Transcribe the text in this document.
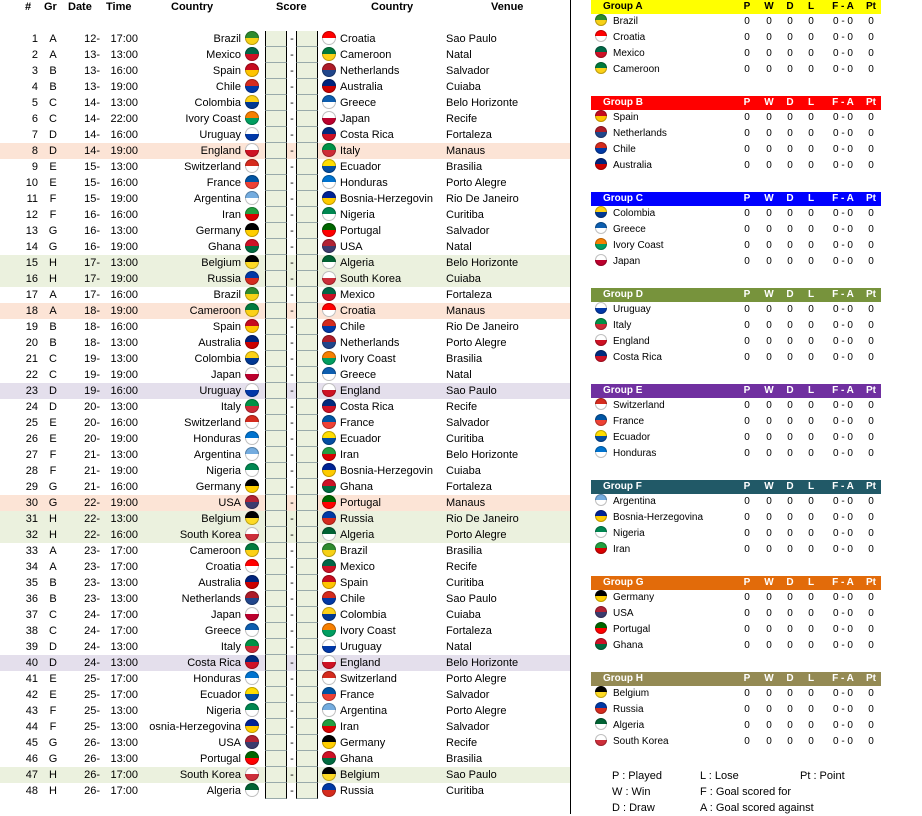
# Gr Date Time	Country	Score	Country	Venue
1	A	12- 17:00	Brazil	-	Croatia	Sao Paulo
2	A	13- 13:00	Mexico	-	Cameroon	Natal
3	B	13- 16:00	Spain	-	Netherlands	Salvador
4	B	13- 19:00	Chile	-	Australia	Cuiaba
5	C	14- 13:00	Colombia	-	Greece	Belo Horizonte
6	C	14- 22:00	Ivory Coast	-	Japan	Recife
7	D	14- 16:00	Uruguay	-	Costa Rica	Fortaleza
8	D	14- 19:00	England	-	Italy	Manaus
9	E	15- 13:00	Switzerland	-	Ecuador	Brasilia
10	E	15- 16:00	France	-	Honduras	Porto Alegre
11	F	15- 19:00	Argentina	-	Bosnia-Herzegovin	Rio De Janeiro
12	F	16- 16:00	Iran	-	Nigeria	Curitiba
13 G	16- 13:00	Germany	-	Portugal	Salvador
14 G	16- 19:00	Ghana	-	USA	Natal
15	H	17- 13:00	Belgium	-	Algeria	Belo Horizonte
16	H	17- 19:00	Russia	-	South Korea	Cuiaba
17	A	17- 16:00	Brazil	-	Mexico	Fortaleza
18	A	18- 19:00	Cameroon	-	Croatia	Manaus
19	B	18- 16:00	Spain	-	Chile	Rio De Janeiro
20	B	18- 13:00	Australia	-	Netherlands	Porto Alegre
21	C	19- 13:00	Colombia	-	Ivory Coast	Brasilia
22	C	19- 19:00	Japan	-	Greece	Natal
23	D	19- 16:00	Uruguay	-	England	Sao Paulo
24	D	20- 13:00	Italy	-	Costa Rica	Recife
25	E	20- 16:00	Switzerland	-	France	Salvador
26	E	20- 19:00	Honduras	-	Ecuador	Curitiba
27	F	21- 13:00	Argentina	-	Iran	Belo Horizonte
28	F	21- 19:00	Nigeria	-	Bosnia-Herzegovin	Cuiaba
29 G	21- 16:00	Germany	-	Ghana	Fortaleza
30 G	22- 19:00	USA	-	Portugal	Manaus
31	H	22- 13:00	Belgium	-	Russia	Rio De Janeiro
32	H	22- 16:00	South Korea	-	Algeria	Porto Alegre
33	A	23- 17:00	Cameroon	-	Brazil	Brasilia
34	A	23- 17:00	Croatia	-	Mexico	Recife
35	B	23- 13:00	Australia	-	Spain	Curitiba
36	B	23- 13:00	Netherlands	-	Chile	Sao Paulo
37	C	24- 17:00	Japan	-	Colombia	Cuiaba
38	C	24- 17:00	Greece	-	Ivory Coast	Fortaleza
39	D	24- 13:00	Italy	-	Uruguay	Natal
40	D	24- 13:00	Costa Rica	-	England	Belo Horizonte
41	E	25- 17:00	Honduras	-	Switzerland	Porto Alegre
42	E	25- 17:00	Ecuador	-	France	Salvador
43	F	25- 13:00	Nigeria	-	Argentina	Porto Alegre
44	F	25- 13:00	osnia-Herzegovina	-	Iran	Salvador
45 G	26- 13:00	USA	-	Germany	Recife
46 G	26- 13:00	Portugal	-	Ghana	Brasilia
47	H	26- 17:00	South Korea	-	Belgium	Sao Paulo
48	H	26- 17:00	Algeria	-	Russia	Curitiba
Group A	P	W	D	L	F - A	Pt
Brazil	0	0	0	0	0 - 0	0
Croatia	0	0	0	0	0 - 0	0
Mexico	0	0	0	0	0 - 0	0
Cameroon	0	0	0	0	0 - 0	0
Group B	P	W	D	L	F - A	Pt
Spain	0	0	0	0	0 - 0	0
Netherlands	0	0	0	0	0 - 0	0
Chile	0	0	0	0	0 - 0	0
Australia	0	0	0	0	0 - 0	0
Group C	P	W	D	L	F - A	Pt
Colombia	0	0	0	0	0 - 0	0
Greece	0	0	0	0	0 - 0	0
Ivory Coast	0	0	0	0	0 - 0	0
Japan	0	0	0	0	0 - 0	0
Group D	P	W	D	L	F - A	Pt
Uruguay	0	0	0	0	0 - 0	0
Italy	0	0	0	0	0 - 0	0
England	0	0	0	0	0 - 0	0
Costa Rica	0	0	0	0	0 - 0	0
Group E	P	W	D	L	F - A	Pt
Switzerland	0	0	0	0	0 - 0	0
France	0	0	0	0	0 - 0	0
Ecuador	0	0	0	0	0 - 0	0
Honduras	0	0	0	0	0 - 0	0
Group F	P	W	D	L	F - A	Pt
Argentina	0	0	0	0	0 - 0	0
Bosnia-Herzegovina	0	0	0	0	0 - 0	0
Nigeria	0	0	0	0	0 - 0	0
Iran	0	0	0	0	0 - 0	0
Group G	P	W	D	L	F - A	Pt
Germany	0	0	0	0	0 - 0	0
USA	0	0	0	0	0 - 0	0
Portugal	0	0	0	0	0 - 0	0
Ghana	0	0	0	0	0 - 0	0
Group H	P	W	D	L	F - A	Pt
Belgium	0	0	0	0	0 - 0	0
Russia	0	0	0	0	0 - 0	0
Algeria	0	0	0	0	0 - 0	0
South Korea	0	0	0	0	0 - 0	0
P : Played	L : Lose	Pt : Point
W : Win	F : Goal scored for
D : Draw	A : Goal scored against
